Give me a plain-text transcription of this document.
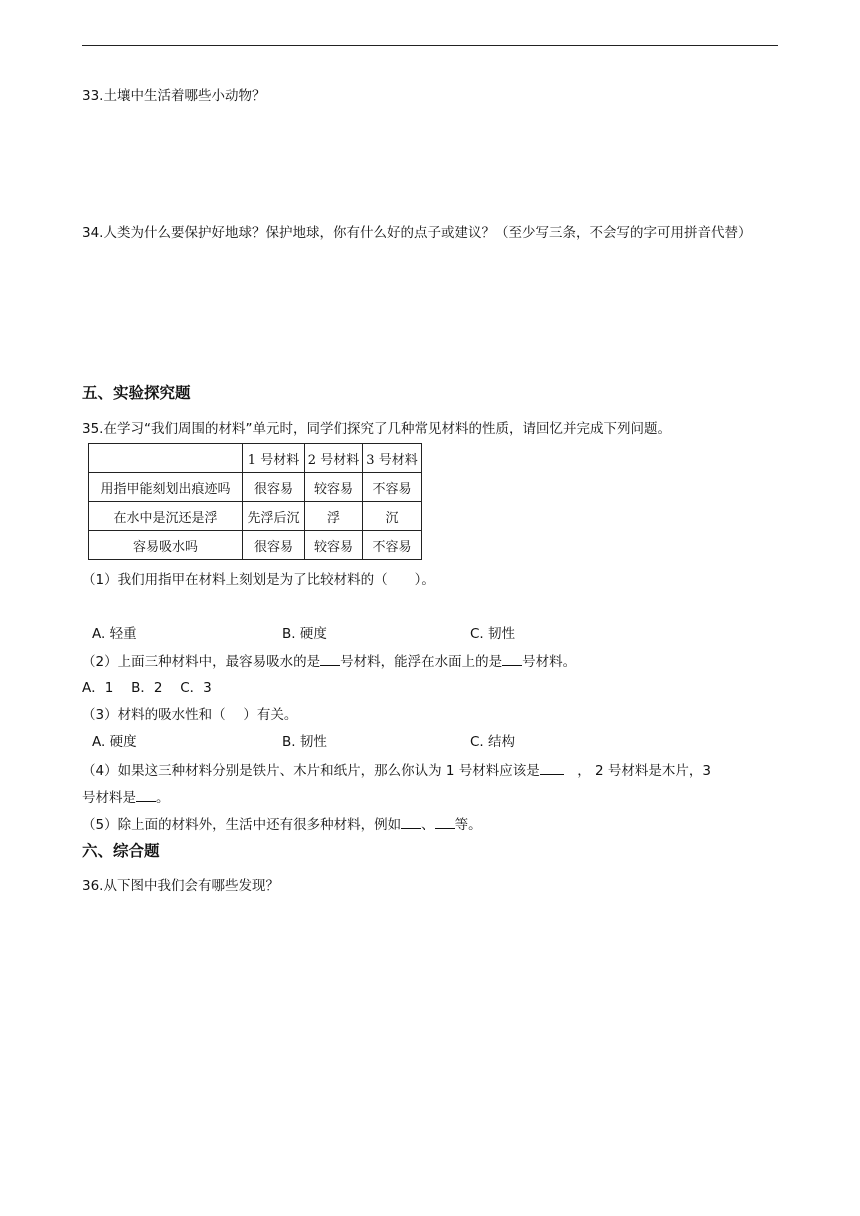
33.土壤中生活着哪些小动物？
34.人类为什么要保护好地球？保护地球，你有什么好的点子或建议？（至少写三条，不会写的字可用拼音代替）
五、实验探究题
35.在学习“我们周围的材料”单元时，同学们探究了几种常见材料的性质，请回忆并完成下列问题。
	1 号材料	2 号材料	3 号材料
用指甲能刻划出痕迹吗	很容易	较容易	不容易
在水中是沉还是浮	先浮后沉	浮	沉
容易吸水吗	很容易	较容易	不容易
（1）我们用指甲在材料上刻划是为了比较材料的（　　）。
A. 轻重	B. 硬度	C. 韧性
（2）上面三种材料中，最容易吸水的是 号材料，能浮在水面上的是 号材料。
A．1　 B．2　 C．3
（3）材料的吸水性和（　 ）有关。
A. 硬度	B. 韧性	C. 结构
（4）如果这三种材料分别是铁片、木片和纸片，那么你认为 1 号材料应该是　， 2 号材料是木片，3
号材料是 。
（5）除上面的材料外，生活中还有很多种材料，例如 、 等。
六、综合题
36.从下图中我们会有哪些发现？
